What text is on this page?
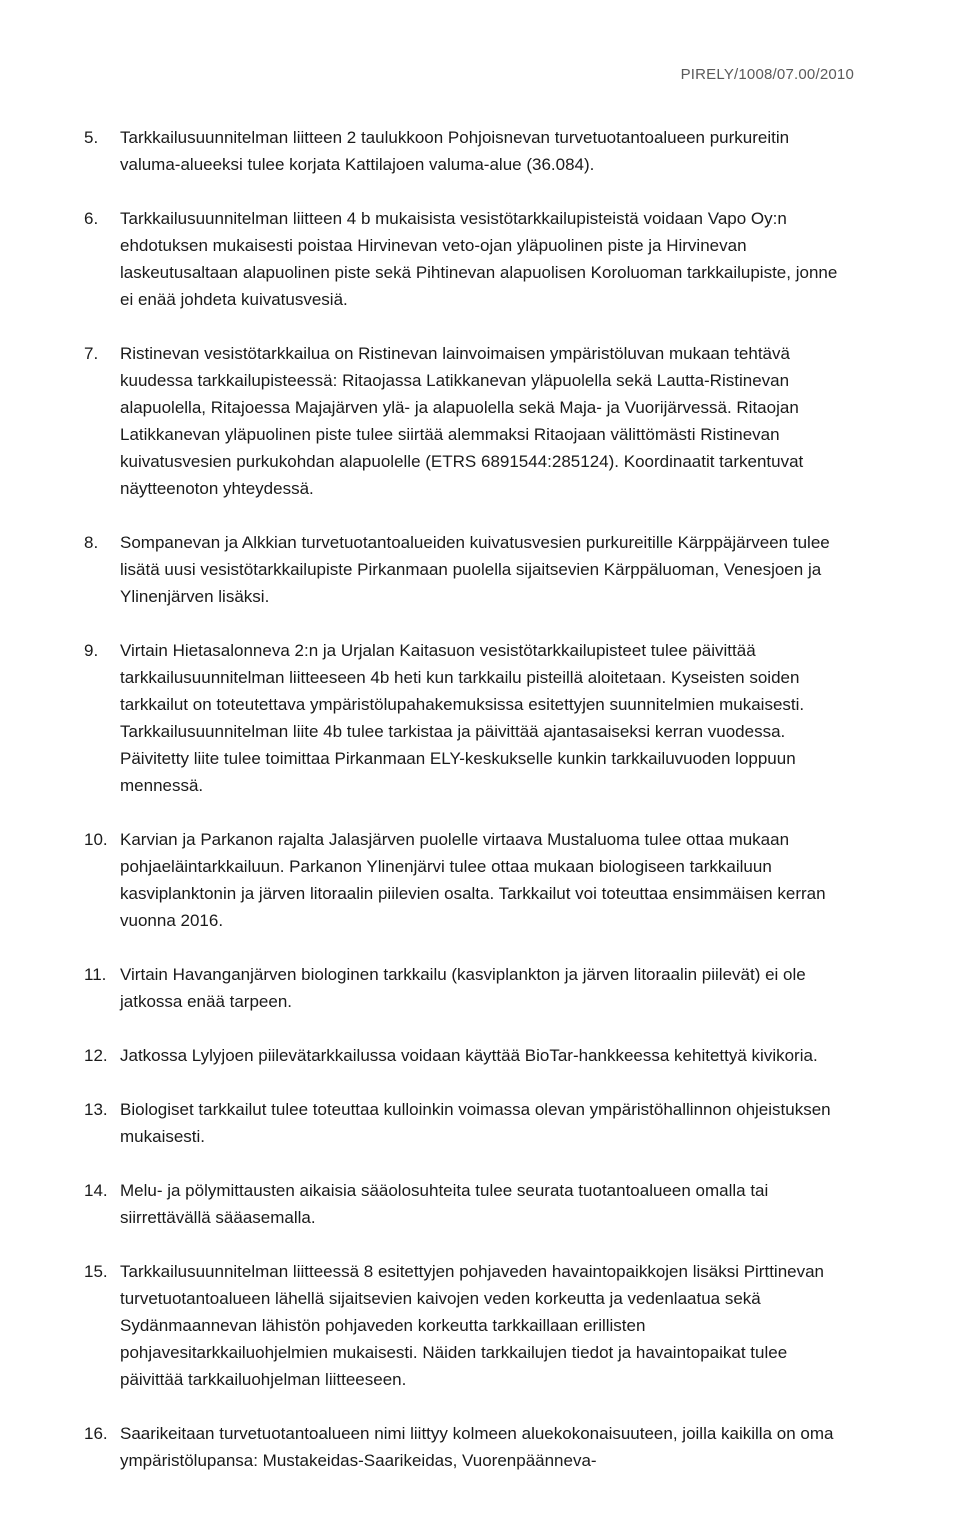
PIRELY/1008/07.00/2010
5.	Tarkkailusuunnitelman liitteen 2 taulukkoon Pohjoisnevan turvetuotantoalueen purkureitin valuma-alueeksi tulee korjata Kattilajoen valuma-alue (36.084).

6.	Tarkkailusuunnitelman liitteen 4 b mukaisista vesistötarkkailupisteistä voidaan Vapo Oy:n ehdotuksen mukaisesti poistaa Hirvinevan veto-ojan yläpuolinen piste ja Hirvinevan laskeutusaltaan alapuolinen piste sekä Pihtinevan alapuolisen Koroluoman tarkkailupiste, jonne ei enää johdeta kuivatusvesiä.

7.	Ristinevan vesistötarkkailua on Ristinevan lainvoimaisen ympäristöluvan mukaan tehtävä kuudessa tarkkailupisteessä: Ritaojassa Latikkanevan yläpuolella sekä Lautta-Ristinevan alapuolella, Ritajoessa Majajärven ylä- ja alapuolella sekä Maja- ja Vuorijärvessä. Ritaojan Latikkanevan yläpuolinen piste tulee siirtää alemmaksi Ritaojaan välittömästi Ristinevan kuivatusvesien purkukohdan alapuolelle (ETRS 6891544:285124). Koordinaatit tarkentuvat näytteenoton yhteydessä.

8.	Sompanevan ja Alkkian turvetuotantoalueiden kuivatusvesien purkureitille Kärppäjärveen tulee lisätä uusi vesistötarkkailupiste Pirkanmaan puolella sijaitsevien Kärppäluoman, Venesjoen ja Ylinenjärven lisäksi.

9.	Virtain Hietasalonneva 2:n ja Urjalan Kaitasuon vesistötarkkailupisteet tulee päivittää tarkkailusuunnitelman liitteeseen 4b heti kun tarkkailu pisteillä aloitetaan. Kyseisten soiden tarkkailut on toteutettava ympäristölupahakemuksissa esitettyjen suunnitelmien mukaisesti. Tarkkailusuunnitelman liite 4b tulee tarkistaa ja päivittää ajantasaiseksi kerran vuodessa. Päivitetty liite tulee toimittaa Pirkanmaan ELY-keskukselle kunkin tarkkailuvuoden loppuun mennessä.

10. Karvian ja Parkanon rajalta Jalasjärven puolelle virtaava Mustaluoma tulee ottaa mukaan pohjaeläintarkkailuun. Parkanon Ylinenjärvi tulee ottaa mukaan biologiseen tarkkailuun kasviplanktonin ja järven litoraalin piilevien osalta. Tarkkailut voi toteuttaa ensimmäisen kerran vuonna 2016.

11. Virtain Havanganjärven biologinen tarkkailu (kasviplankton ja järven litoraalin piilevät) ei ole jatkossa enää tarpeen.

12. Jatkossa Lylyjoen piilevätarkkailussa voidaan käyttää BioTar-hankkeessa kehitettyä kivikoria.

13. Biologiset tarkkailut tulee toteuttaa kulloinkin voimassa olevan ympäristöhallinnon ohjeistuksen mukaisesti.

14. Melu- ja pölymittausten aikaisia sääolosuhteita tulee seurata tuotantoalueen omalla tai siirrettävällä sääasemalla.

15. Tarkkailusuunnitelman liitteessä 8 esitettyjen pohjaveden havaintopaikkojen lisäksi Pirttinevan turvetuotantoalueen lähellä sijaitsevien kaivojen veden korkeutta ja vedenlaatua sekä Sydänmaannevan lähistön pohjaveden korkeutta tarkkaillaan erillisten pohjavesitarkkailuohjelmien mukaisesti. Näiden tarkkailujen tiedot ja havaintopaikat tulee päivittää tarkkailuohjelman liitteeseen.

16. Saarikeitaan turvetuotantoalueen nimi liittyy kolmeen aluekokonaisuuteen, joilla kaikilla on oma ympäristölupansa: Mustakeidas-Saarikeidas, Vuorenpäänneva-
